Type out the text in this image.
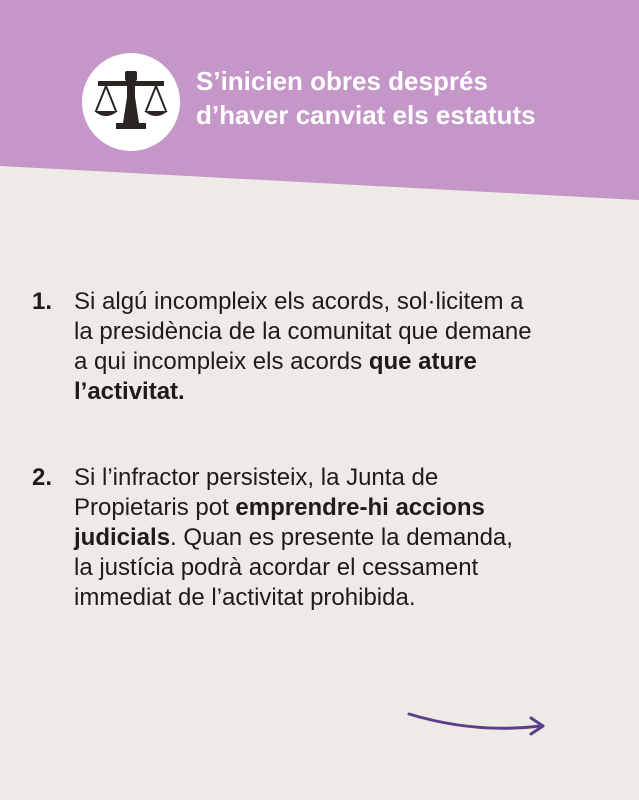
S’inicien obres després
d’haver canviat els estatuts
1. Si algú incompleix els acords, sol·licitem a
la presidència de la comunitat que demane
a qui incompleix els acords que ature
l’activitat.
2. Si l’infractor persisteix, la Junta de
Propietaris pot emprendre-hi accions
judicials. Quan es presente la demanda,
la justícia podrà acordar el cessament
immediat de l’activitat prohibida.
